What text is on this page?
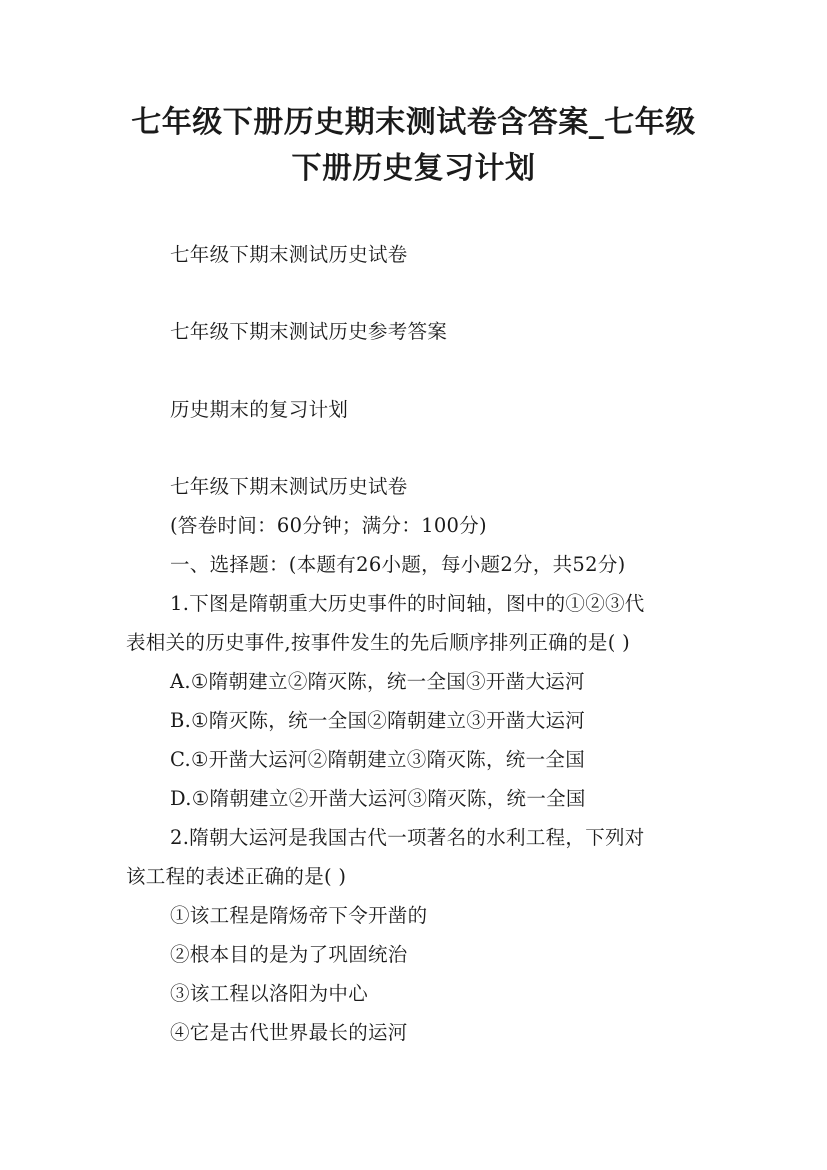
七年级下册历史期末测试卷含答案_七年级
下册历史复习计划
七年级下期末测试历史试卷
七年级下期末测试历史参考答案
历史期末的复习计划
七年级下期末测试历史试卷
(答卷时间：60分钟；满分：100分)
一、选择题：(本题有26小题，每小题2分，共52分)
1.下图是隋朝重大历史事件的时间轴，图中的①②③代
表相关的历史事件,按事件发生的先后顺序排列正确的是( )
A.①隋朝建立②隋灭陈，统一全国③开凿大运河
B.①隋灭陈，统一全国②隋朝建立③开凿大运河
C.①开凿大运河②隋朝建立③隋灭陈，统一全国
D.①隋朝建立②开凿大运河③隋灭陈，统一全国
2.隋朝大运河是我国古代一项著名的水利工程，下列对
该工程的表述正确的是( )
①该工程是隋炀帝下令开凿的
②根本目的是为了巩固统治
③该工程以洛阳为中心
④它是古代世界最长的运河
